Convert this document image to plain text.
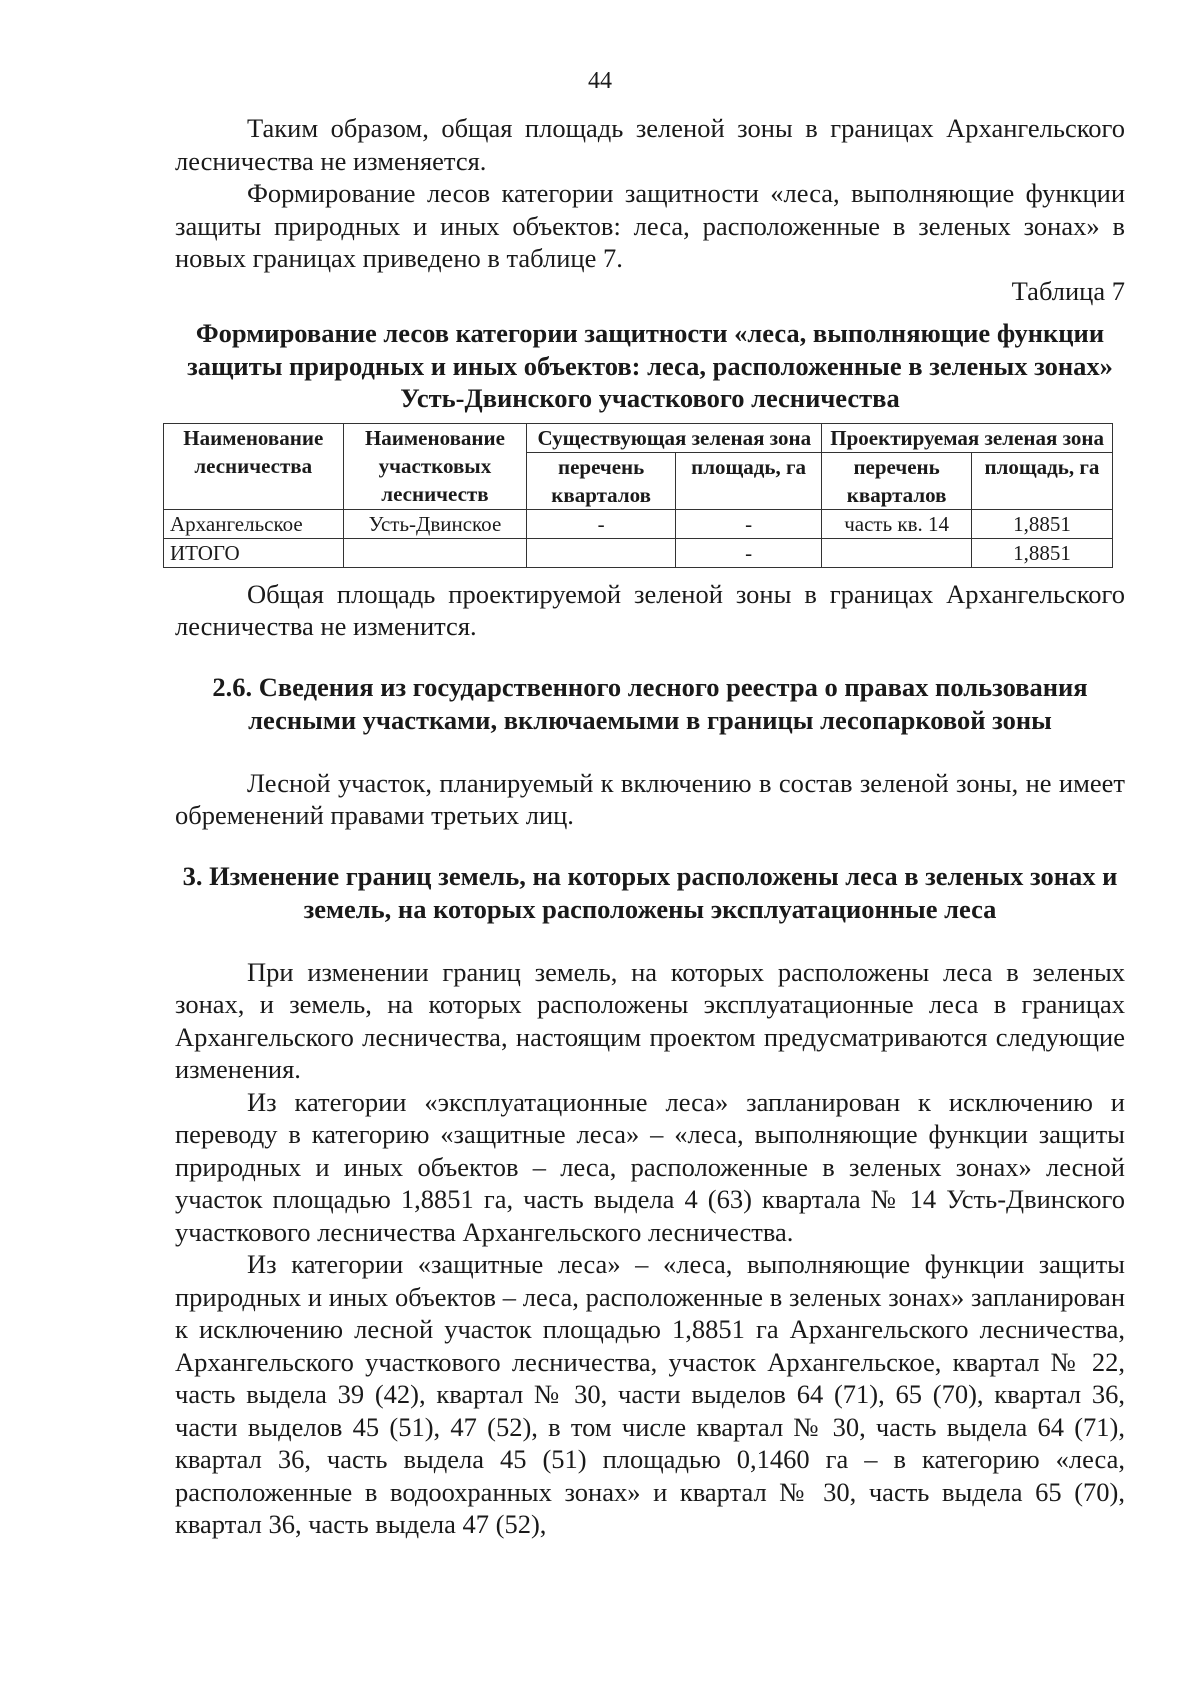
44

Таким образом, общая площадь зеленой зоны в границах Архангельского лесничества не изменяется.

Формирование лесов категории защитности «леса, выполняющие функции защиты природных и иных объектов: леса, расположенные в зеленых зонах» в новых границах приведено в таблице 7.

Таблица 7

Формирование лесов категории защитности «леса, выполняющие функции защиты природных и иных объектов: леса, расположенные в зеленых зонах» Усть-Двинского участкового лесничества
Наименование лесничества	Наименование участковых лесничеств	Существующая зеленая зона		Проектируемая зеленая зона	
		перечень кварталов	площадь, га	перечень кварталов	площадь, га
Архангельское	Усть-Двинское	-	-	часть кв. 14	1,8851
ИТОГО			-		1,8851

Общая площадь проектируемой зеленой зоны в границах Архангельского лесничества не изменится.

2.6. Сведения из государственного лесного реестра о правах пользования лесными участками, включаемыми в границы лесопарковой зоны

Лесной участок, планируемый к включению в состав зеленой зоны, не имеет обременений правами третьих лиц.

3. Изменение границ земель, на которых расположены леса в зеленых зонах и земель, на которых расположены эксплуатационные леса

При изменении границ земель, на которых расположены леса в зеленых зонах, и земель, на которых расположены эксплуатационные леса в границах Архангельского лесничества, настоящим проектом предусматриваются следующие изменения.

Из категории «эксплуатационные леса» запланирован к исключению и переводу в категорию «защитные леса» – «леса, выполняющие функции защиты природных и иных объектов – леса, расположенные в зеленых зонах» лесной участок площадью 1,8851 га, часть выдела 4 (63) квартала № 14 Усть-Двинского участкового лесничества Архангельского лесничества.

Из категории «защитные леса» – «леса, выполняющие функции защиты природных и иных объектов – леса, расположенные в зеленых зонах» запланирован к исключению лесной участок площадью 1,8851 га Архангельского лесничества, Архангельского участкового лесничества, участок Архангельское, квартал № 22, часть выдела 39 (42), квартал № 30, части выделов 64 (71), 65 (70), квартал 36, части выделов 45 (51), 47 (52), в том числе квартал № 30, часть выдела 64 (71), квартал 36, часть выдела 45 (51) площадью 0,1460 га – в категорию «леса, расположенные в водоохранных зонах» и квартал № 30, часть выдела 65 (70), квартал 36, часть выдела 47 (52),
